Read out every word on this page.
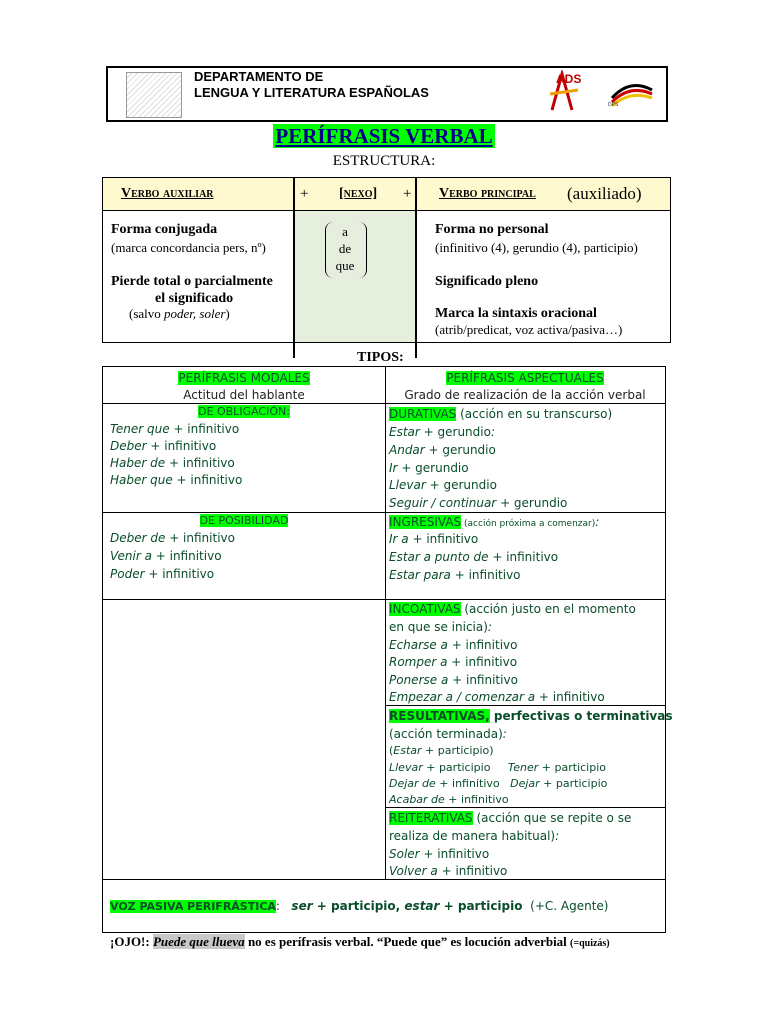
DEPARTAMENTO DE
LENGUA Y LITERATURA ESPAÑOLAS
ADS
DPS
PERÍFRASIS VERBAL
ESTRUCTURA:
Verbo auxiliar	+ [nexo] + Verbo principal (auxiliado)
Forma conjugada
(marca concordancia pers, nº)
Pierde total o parcialmente
el significado
(salvo poder, soler)
a
de
que
Forma no personal
(infinitivo (4), gerundio (4), participio)
Significado pleno
Marca la sintaxis oracional
(atrib/predicat, voz activa/pasiva…)
TIPOS:
PERÍFRASIS MODALES
Actitud del hablante
PERÍFRASIS ASPECTUALES
Grado de realización de la acción verbal
DE OBLIGACIÓN:
Tener que + infinitivo
Deber + infinitivo
Haber de + infinitivo
Haber que + infinitivo
DE POSIBILIDAD
Deber de + infinitivo
Venir a + infinitivo
Poder + infinitivo
DURATIVAS (acción en su transcurso)
Estar + gerundio:
Andar + gerundio
Ir + gerundio
Llevar + gerundio
Seguir / continuar + gerundio
INGRESIVAS (acción próxima a comenzar):
Ir a + infinitivo
Estar a punto de + infinitivo
Estar para + infinitivo
INCOATIVAS (acción justo en el momento
en que se inicia):
Echarse a + infinitivo
Romper a + infinitivo
Ponerse a + infinitivo
Empezar a / comenzar a + infinitivo
RESULTATIVAS, perfectivas o terminativas
(acción terminada):
(Estar + participio)
Llevar + participio     Tener + participio
Dejar de + infinitivo   Dejar + participio
Acabar de + infinitivo
REITERATIVAS (acción que se repite o se
realiza de manera habitual):
Soler + infinitivo
Volver a + infinitivo
VOZ PASIVA PERIFRÁSTICA: ser + participio, estar + participio (+C. Agente)
¡OJO!: Puede que llueva no es perífrasis verbal. “Puede que” es locución adverbial (=quizás)
